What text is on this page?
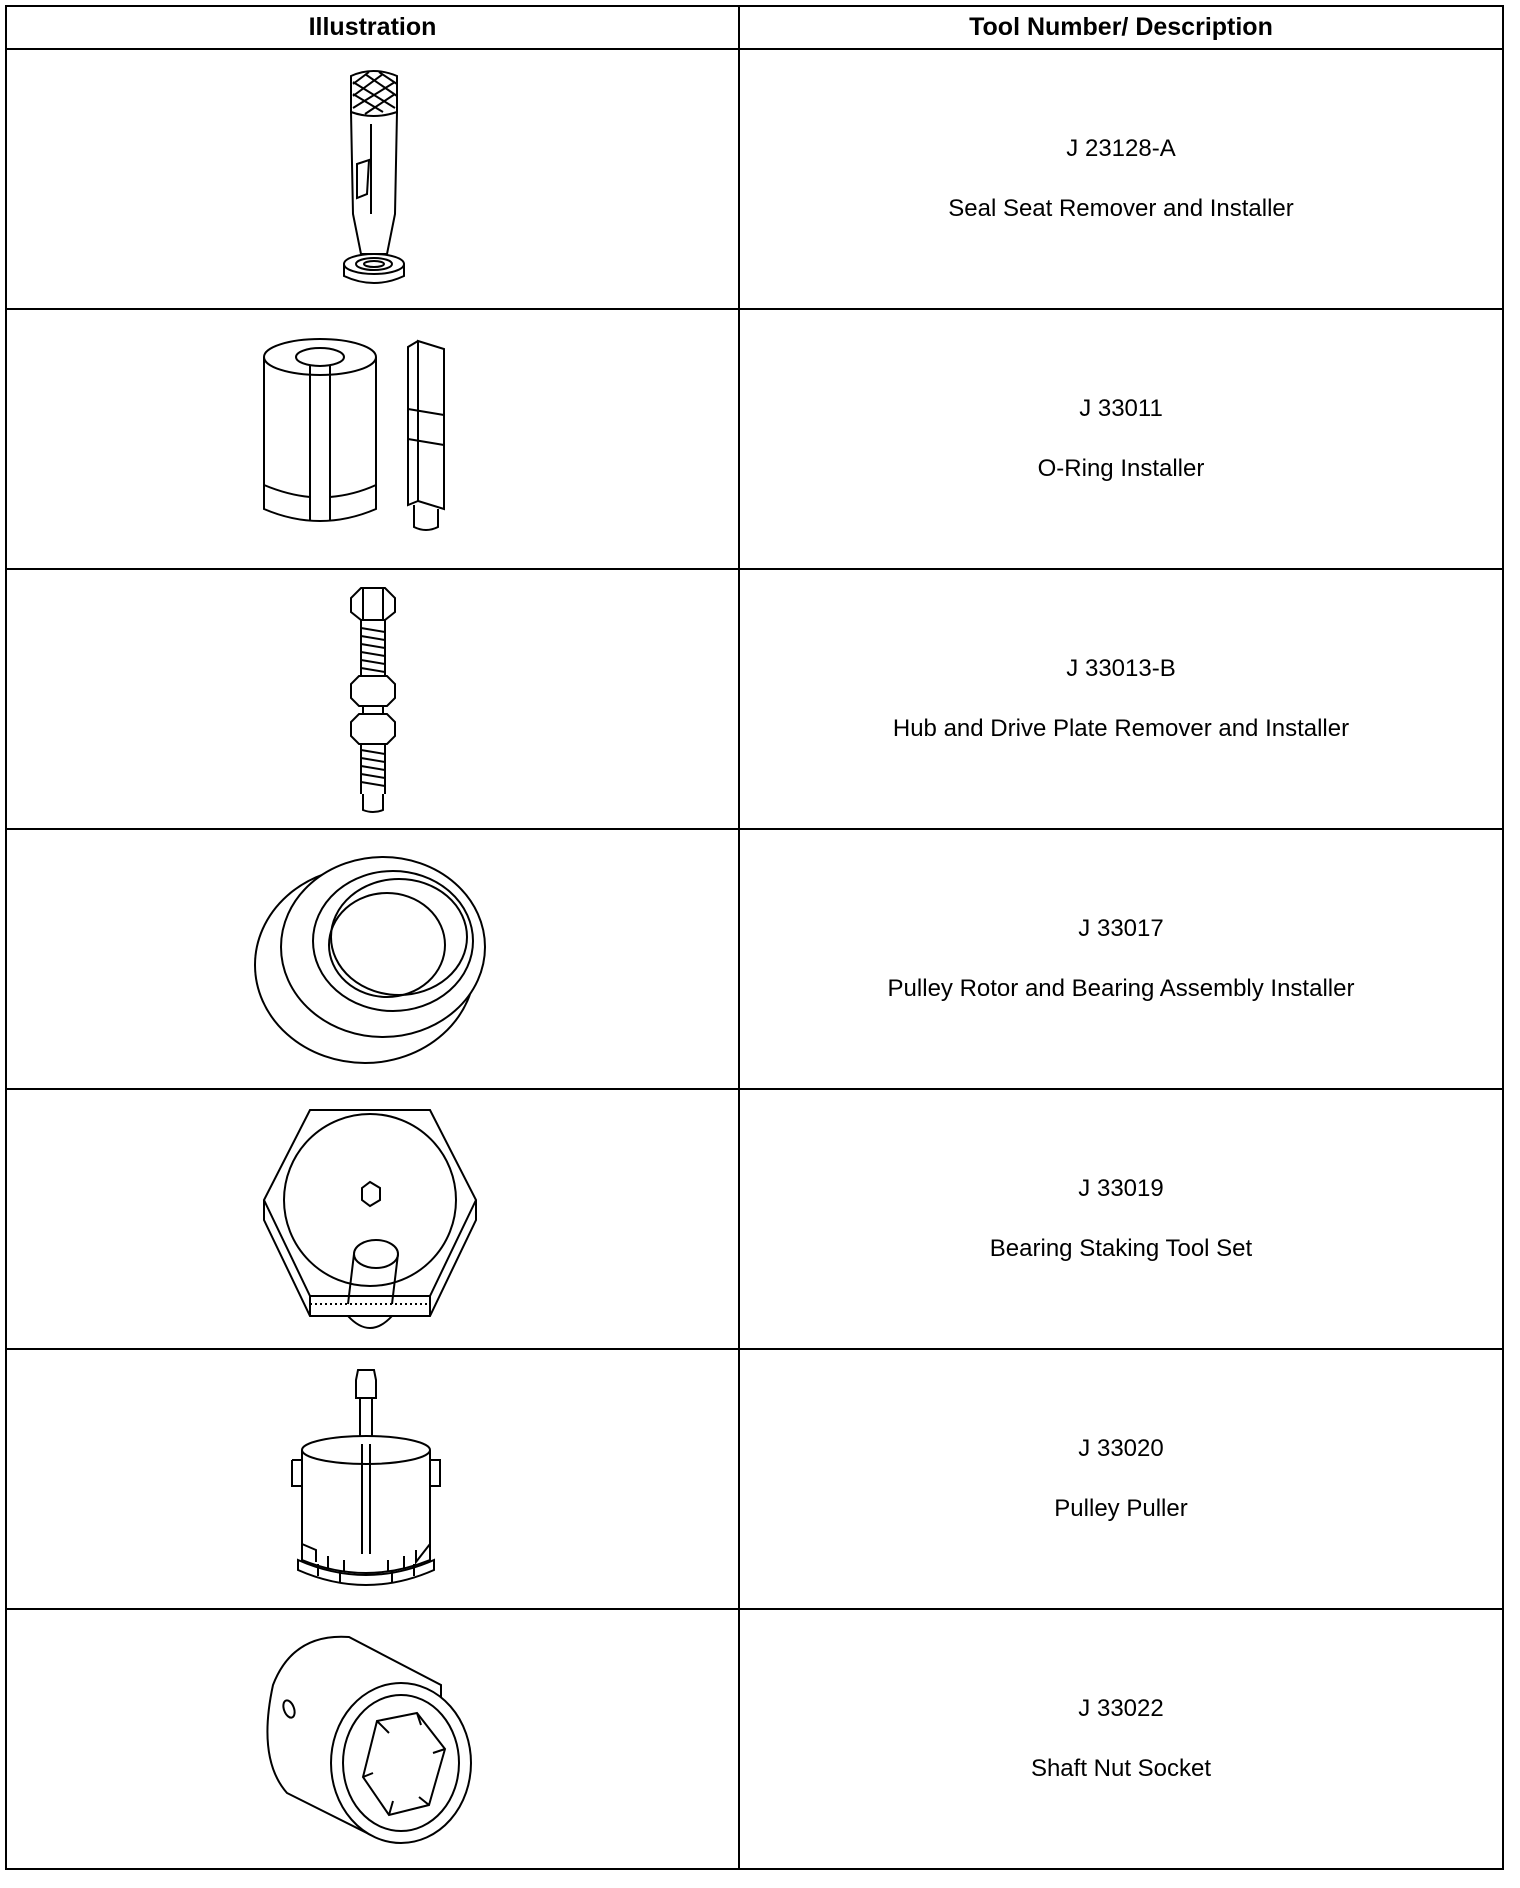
Illustration	Tool Number/ Description

J 23128-A
Seal Seat Remover and Installer

J 33011
O-Ring Installer

J 33013-B
Hub and Drive Plate Remover and Installer

J 33017
Pulley Rotor and Bearing Assembly Installer

J 33019
Bearing Staking Tool Set

J 33020
Pulley Puller

J 33022
Shaft Nut Socket
